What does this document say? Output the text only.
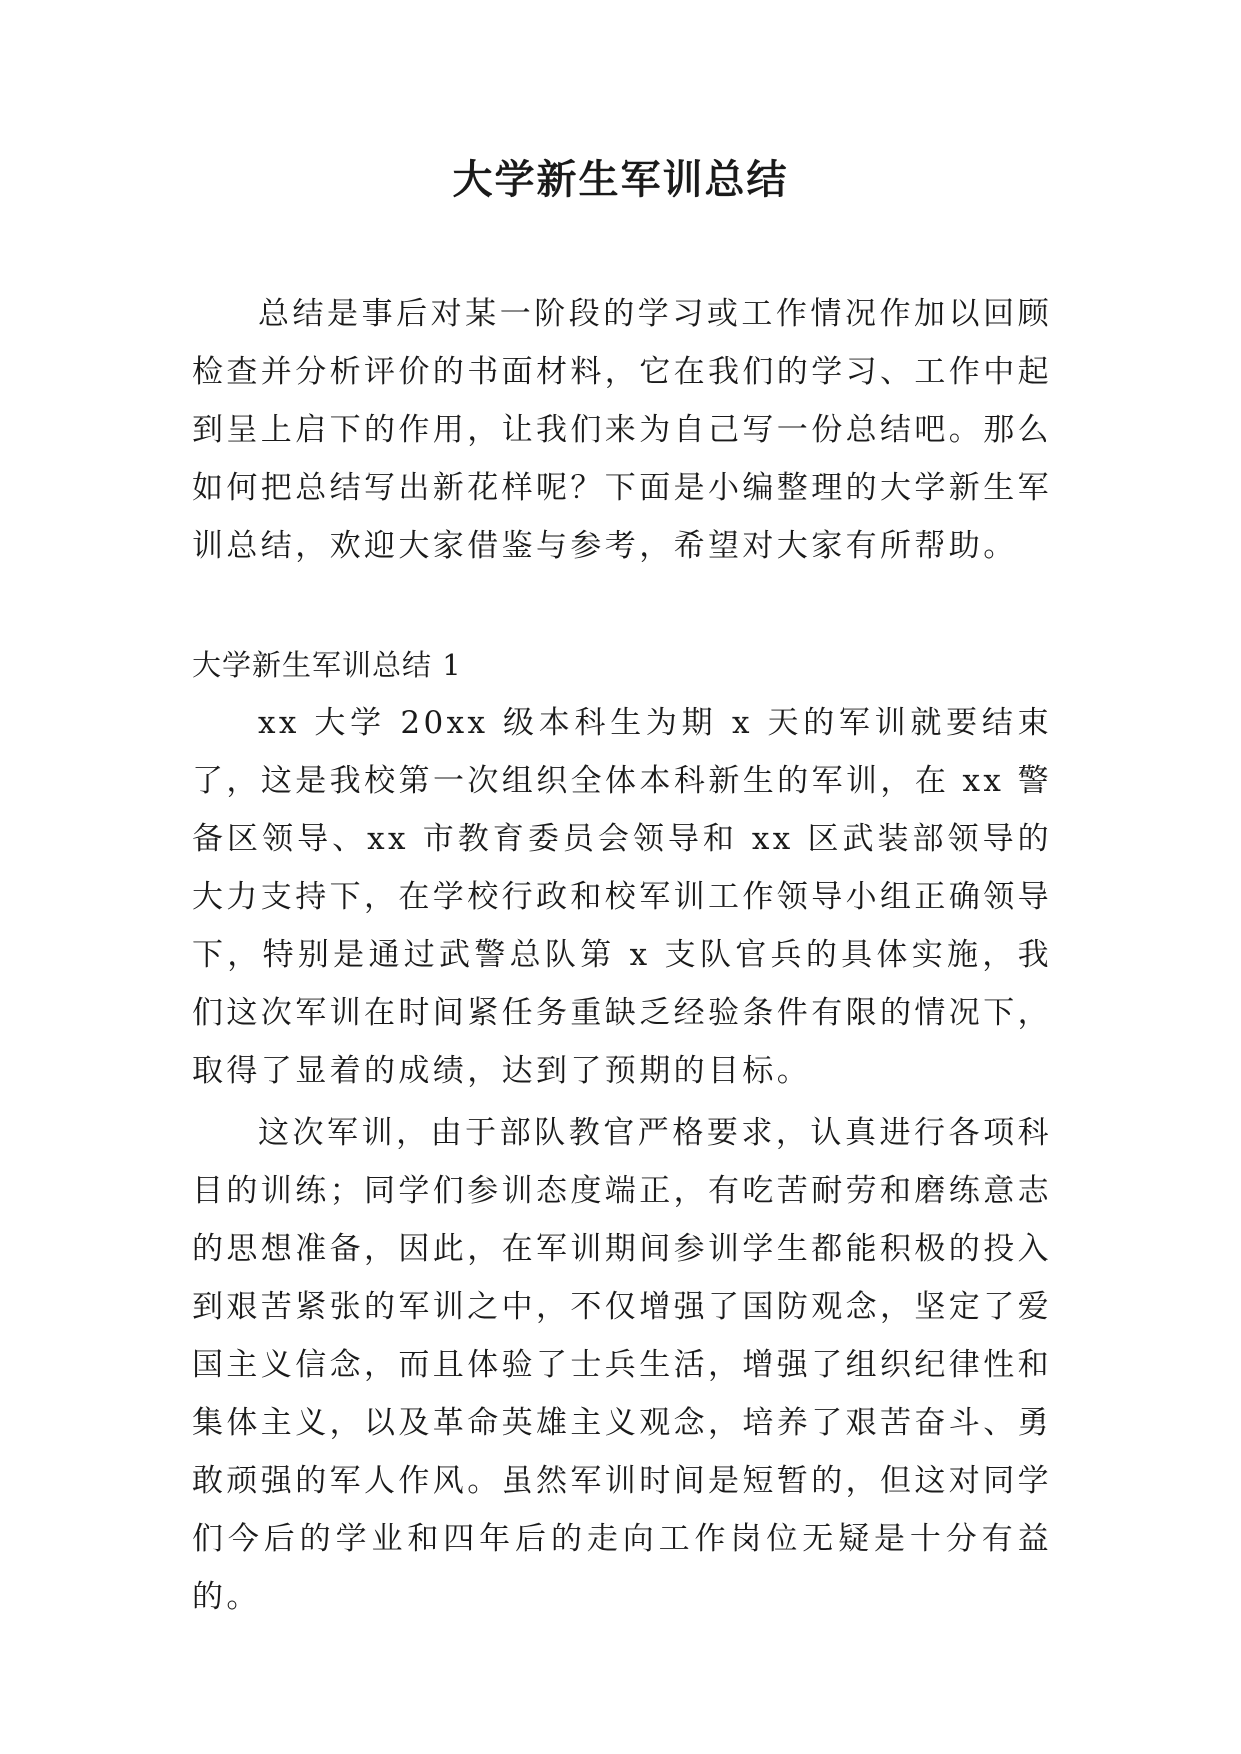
大学新生军训总结

总结是事后对某一阶段的学习或工作情况作加以回顾检查并分析评价的书面材料，它在我们的学习、工作中起到呈上启下的作用，让我们来为自己写一份总结吧。那么如何把总结写出新花样呢？下面是小编整理的大学新生军训总结，欢迎大家借鉴与参考，希望对大家有所帮助。

大学新生军训总结 1

xx 大学 20xx 级本科生为期 x 天的军训就要结束了，这是我校第一次组织全体本科新生的军训，在 xx 警备区领导、xx 市教育委员会领导和 xx 区武装部领导的大力支持下，在学校行政和校军训工作领导小组正确领导下，特别是通过武警总队第 x 支队官兵的具体实施，我们这次军训在时间紧任务重缺乏经验条件有限的情况下，取得了显着的成绩，达到了预期的目标。

这次军训，由于部队教官严格要求，认真进行各项科目的训练；同学们参训态度端正，有吃苦耐劳和磨练意志的思想准备，因此，在军训期间参训学生都能积极的投入到艰苦紧张的军训之中，不仅增强了国防观念，坚定了爱国主义信念，而且体验了士兵生活，增强了组织纪律性和集体主义，以及革命英雄主义观念，培养了艰苦奋斗、勇敢顽强的军人作风。虽然军训时间是短暂的，但这对同学们今后的学业和四年后的走向工作岗位无疑是十分有益的。
